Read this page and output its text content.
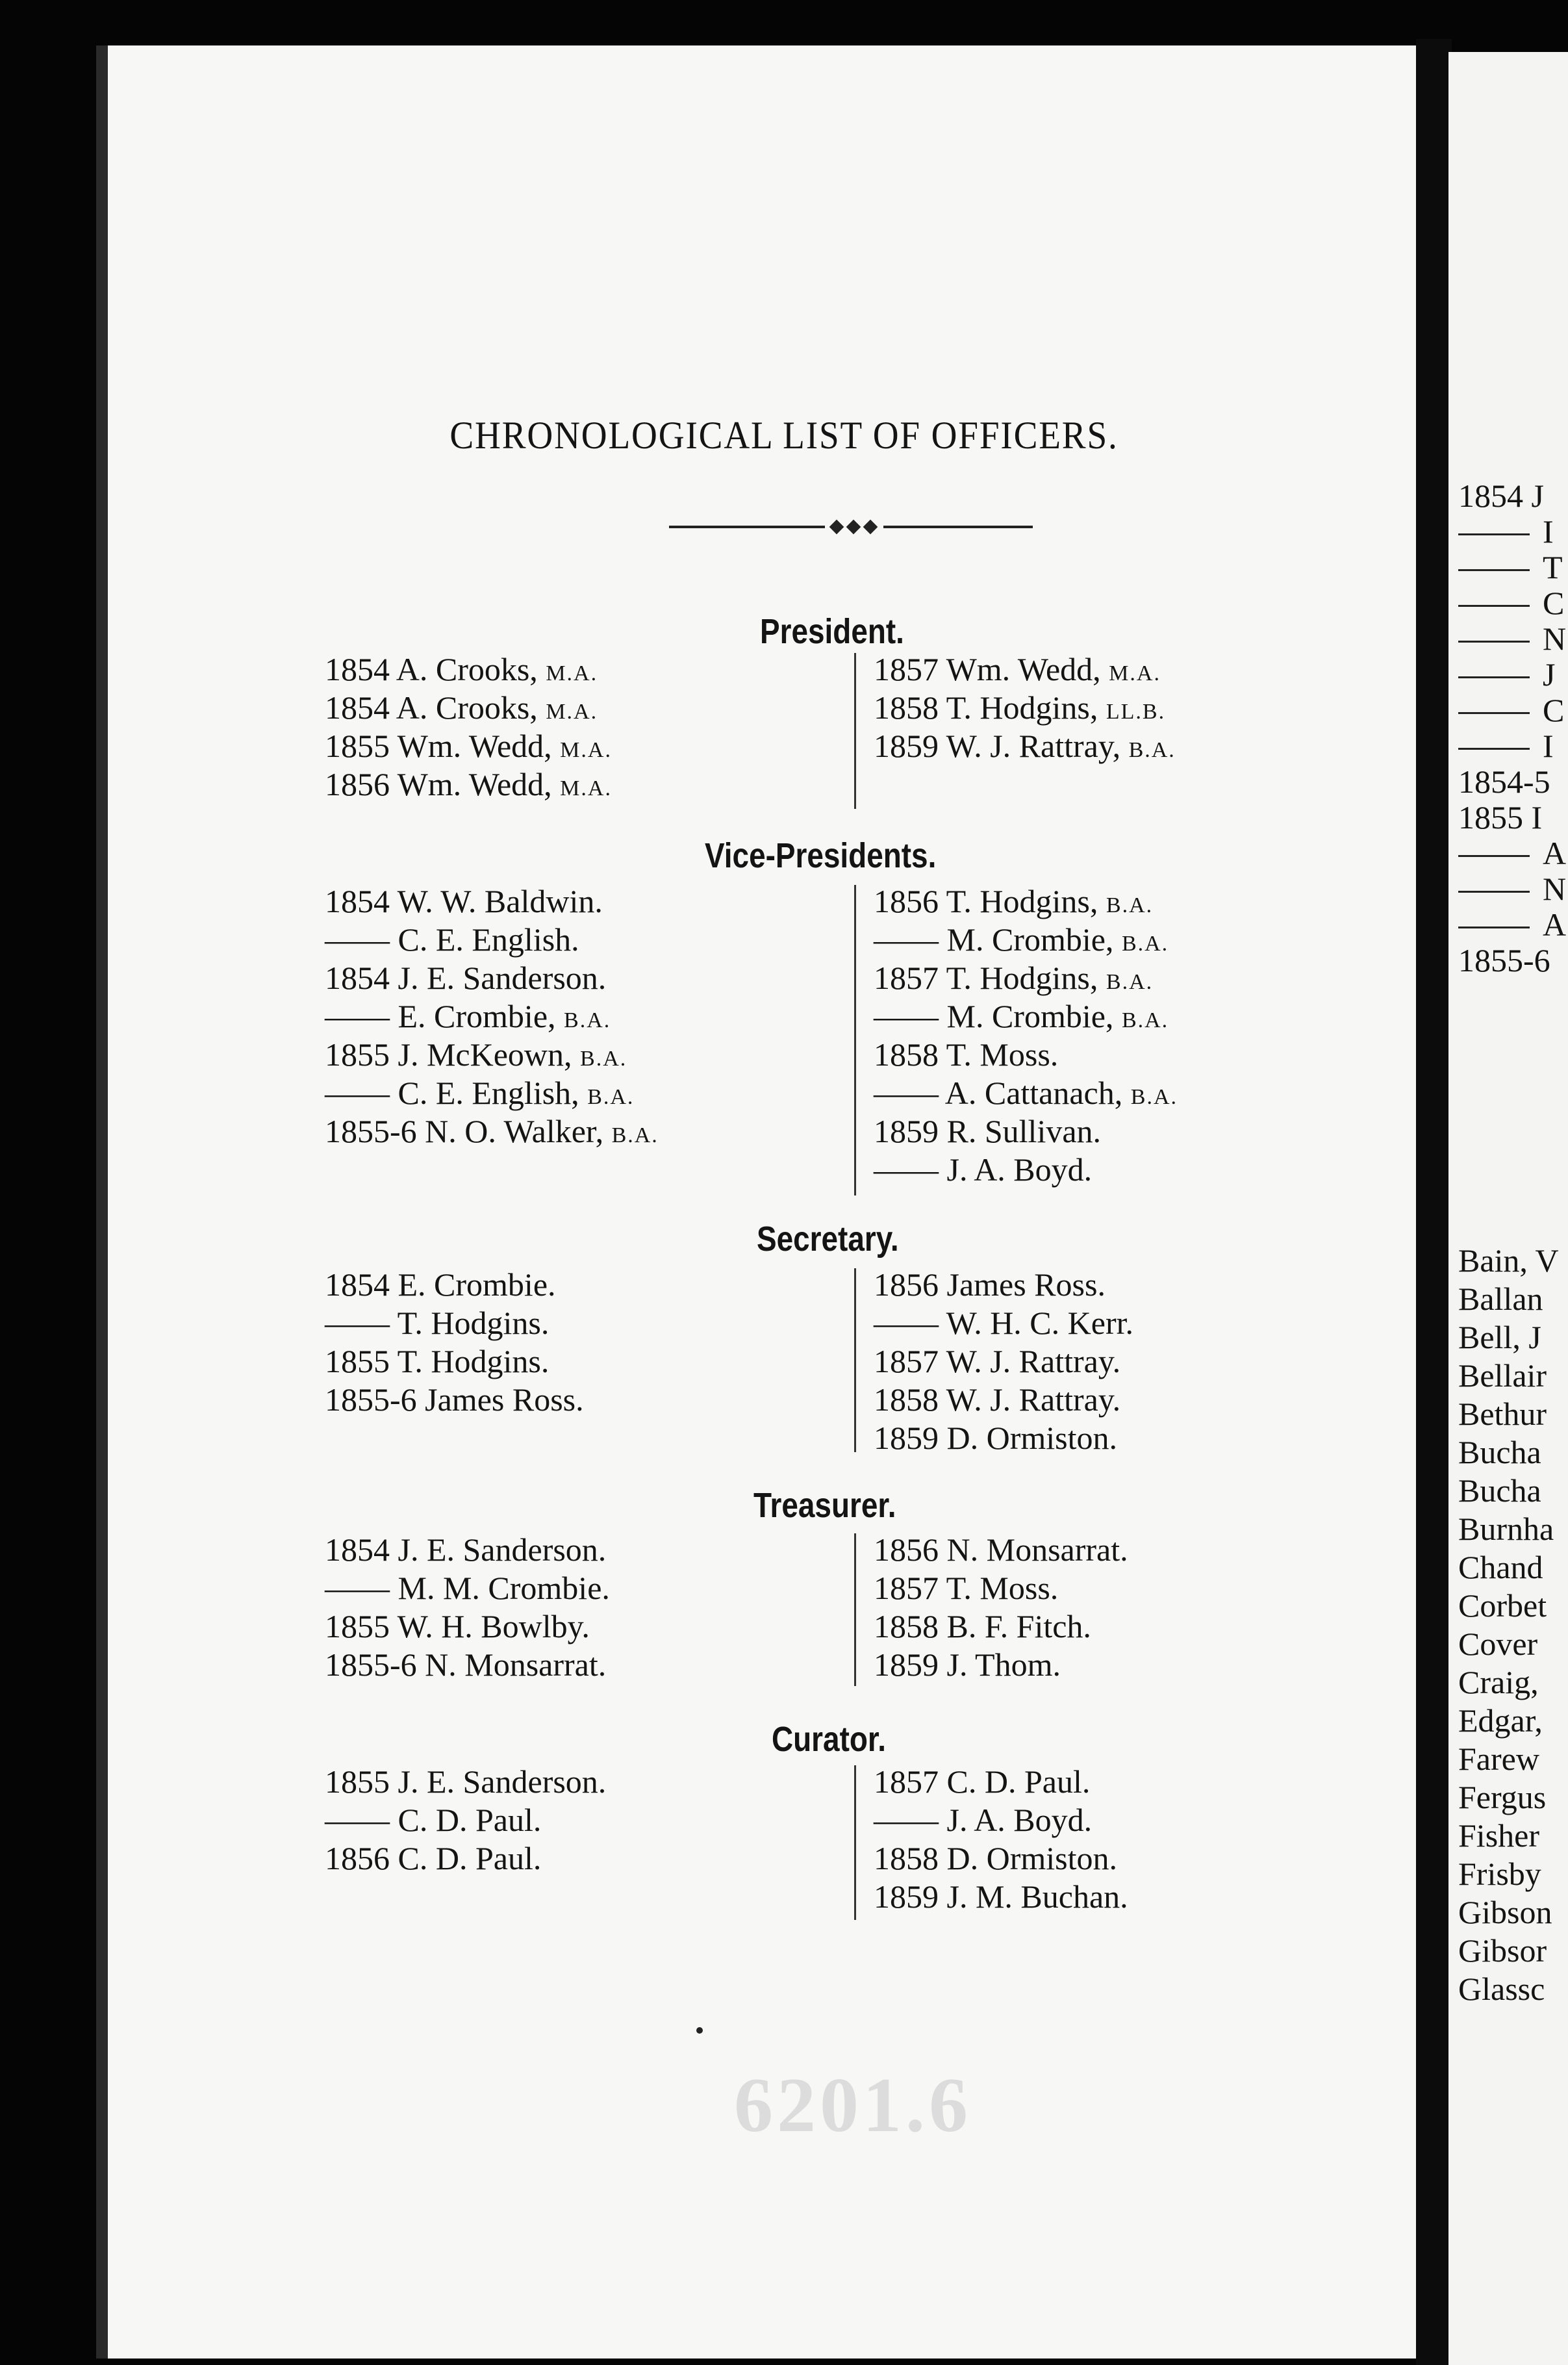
CHRONOLOGICAL LIST OF OFFICERS.
President.
1854 A. Crooks, M.A.
1854 A. Crooks, M.A.
1855 Wm. Wedd, M.A.
1856 Wm. Wedd, M.A.
1857 Wm. Wedd, M.A.
1858 T. Hodgins, LL.B.
1859 W. J. Rattray, B.A.
Vice-Presidents.
1854 W. W. Baldwin.
—— C. E. English.
1854 J. E. Sanderson.
—— E. Crombie, B.A.
1855 J. McKeown, B.A.
—— C. E. English, B.A.
1855-6 N. O. Walker, B.A.
1856 T. Hodgins, B.A.
—— M. Crombie, B.A.
1857 T. Hodgins, B.A.
—— M. Crombie, B.A.
1858 T. Moss.
—— A. Cattanach, B.A.
1859 R. Sullivan.
—— J. A. Boyd.
Secretary.
1854 E. Crombie.
—— T. Hodgins.
1855 T. Hodgins.
1855-6 James Ross.
1856 James Ross.
—— W. H. C. Kerr.
1857 W. J. Rattray.
1858 W. J. Rattray.
1859 D. Ormiston.
Treasurer.
1854 J. E. Sanderson.
—— M. M. Crombie.
1855 W. H. Bowlby.
1855-6 N. Monsarrat.
1856 N. Monsarrat.
1857 T. Moss.
1858 B. F. Fitch.
1859 J. Thom.
Curator.
1855 J. E. Sanderson.
—— C. D. Paul.
1856 C. D. Paul.
1857 C. D. Paul.
—— J. A. Boyd.
1858 D. Ormiston.
1859 J. M. Buchan.
6201.6
1854 J
I
T
C
N
J
C
I
1854-5
1855 I
A
N
A
1855-6
Bain, V
Ballan
Bell, J
Bellair
Bethur
Bucha
Bucha
Burnha
Chand
Corbet
Cover
Craig,
Edgar,
Farew
Fergus
Fisher
Frisby
Gibson
Gibsor
Glassc
